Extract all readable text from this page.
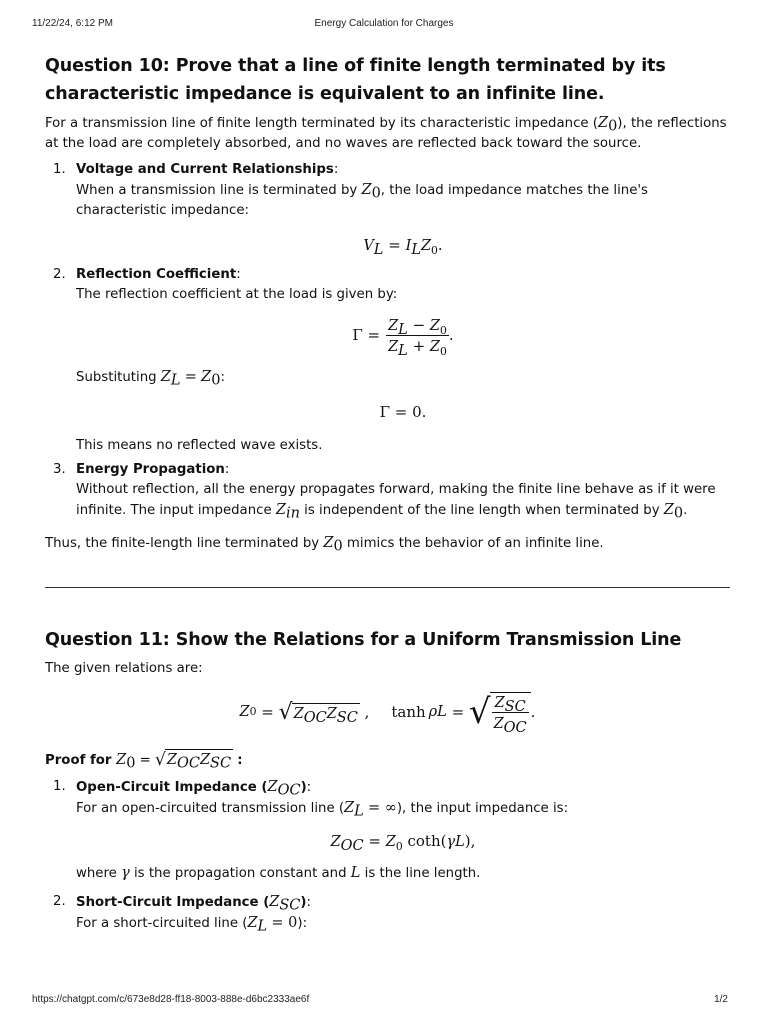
11/22/24, 6:12 PM	Energy Calculation for Charges
Question 10: Prove that a line of finite length terminated by its characteristic impedance is equivalent to an infinite line.

For a transmission line of finite length terminated by its characteristic impedance $(Z_0)$, the reflections at the load are completely absorbed, and no waves are reflected back toward the source.

1. Voltage and Current Relationships:

When a transmission line is terminated by $Z_0$, the load impedance matches the line's characteristic impedance:

$V_L = I_LZ_0$.
2. Reflection Coefficient:

The reflection coefficient at the load is given by:

$\Gamma = \frac{Z_L - Z_0}{Z_L + Z_0}$ .

Substituting $Z_L = Z_0$:

Γ = 0.

This means no reflected wave exists.

3. Energy Propagation:

Without reflection, all the energy propagates forward, making the finite line behave as if it were infinite. The input impedance $Z_{in}$ is independent of the line length when terminated by $Z_0$.

Thus, the finite-length line terminated by $Z_0$ mimics the behavior of an infinite line.

Question 11: Show the Relations for a Uniform Transmission Line

The given relations are:

Z $0 = √Z_{OC}Z_{SC}$ ,
tanh  ρL = √ $\frac{Z_{SC}}{Z_{OC}}$ .

Proof for $Z_0 = √Z_{OC}Z_{SC}$ :

1. Open-Circuit Impedance $(Z_{OC})$:

For an open-circuited transmission line ($Z_L$ = ∞), the input impedance is:

$Z_{OC} = Z_0$ coth(γL),

where γ is the propagation constant and L is the line length.

2. Short-Circuit Impedance $(Z_{SC})$:

For a short-circuited line $(Z_L = 0)$:

https://chatgpt.com/c/673e8d28-ff18-8003-888e-d6bc2333ae6f	1/2
